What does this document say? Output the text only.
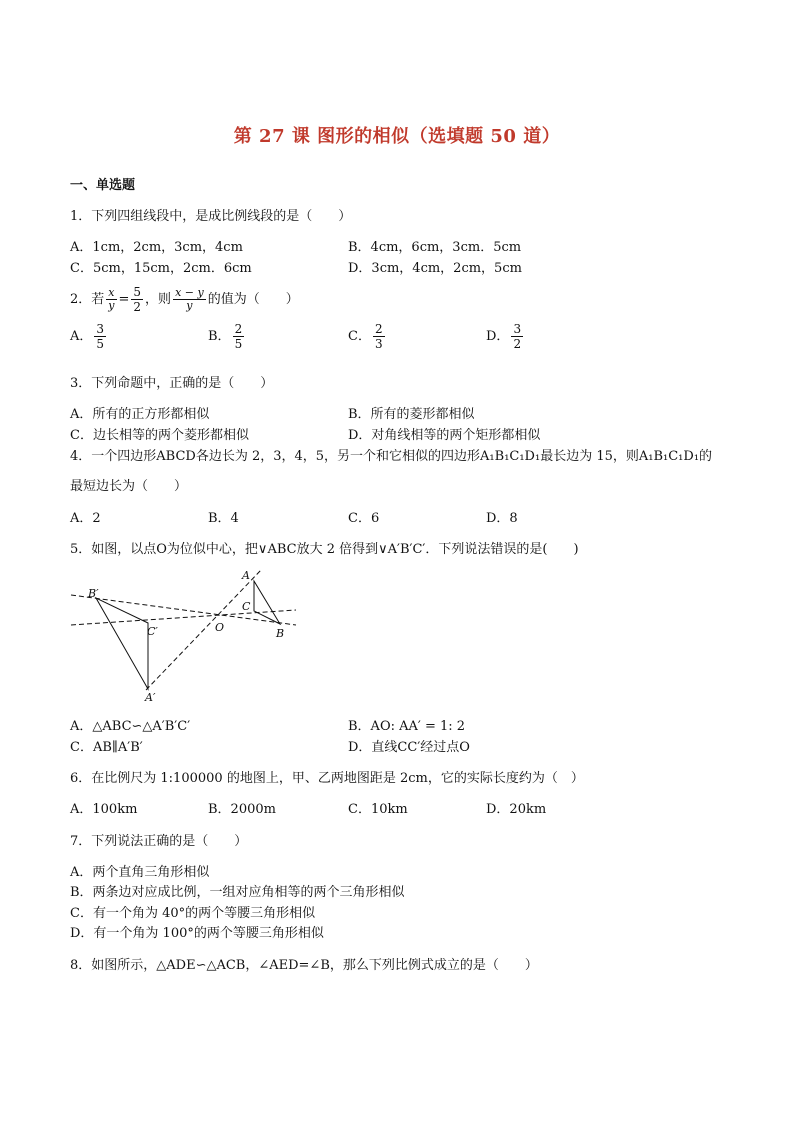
第 27 课 图形的相似（选填题 50 道）
一、单选题
1．下列四组线段中，是成比例线段的是（　　）
A．1cm，2cm，3cm，4cm	B．4cm，6cm，3cm．5cm
C．5cm，15cm，2cm．6cm	D．3cm，4cm，2cm，5cm
2．若 $\frac{x}{y} = \frac{5}{2}$ ，则 $\frac{x - y}{y}$ 的值为（　　）
A． $\frac{3}{5}$	B． $\frac{2}{5}$	C． $\frac{2}{3}$	D． $\frac{3}{2}$
3．下列命题中，正确的是（　　）
A．所有的正方形都相似	B．所有的菱形都相似
C．边长相等的两个菱形都相似	D．对角线相等的两个矩形都相似
4．一个四边形ABCD各边长为 2，3，4，5，另一个和它相似的四边形A₁B₁C₁D₁最长边为 15，则A₁B₁C₁D₁的
最短边长为（　　）
A．2	B．4	C．6	D．8
5．如图，以点O为位似中心，把∨ABC放大 2 倍得到∨A′B′C′．下列说法错误的是(　　)
B′
C′
A′
O
A
C
B
A．△ABC∽△A′B′C′	B．AO: AA′ = 1: 2
C．AB∥A′B′	D．直线CC′经过点O
6．在比例尺为 1:100000 的地图上，甲、乙两地图距是 2cm，它的实际长度约为（　）
A．100km	B．2000m	C．10km	D．20km
7．下列说法正确的是（　　）
A．两个直角三角形相似
B．两条边对应成比例，一组对应角相等的两个三角形相似
C．有一个角为 40°的两个等腰三角形相似
D．有一个角为 100°的两个等腰三角形相似
8．如图所示，△ADE∽△ACB，∠AED=∠B，那么下列比例式成立的是（　　）
